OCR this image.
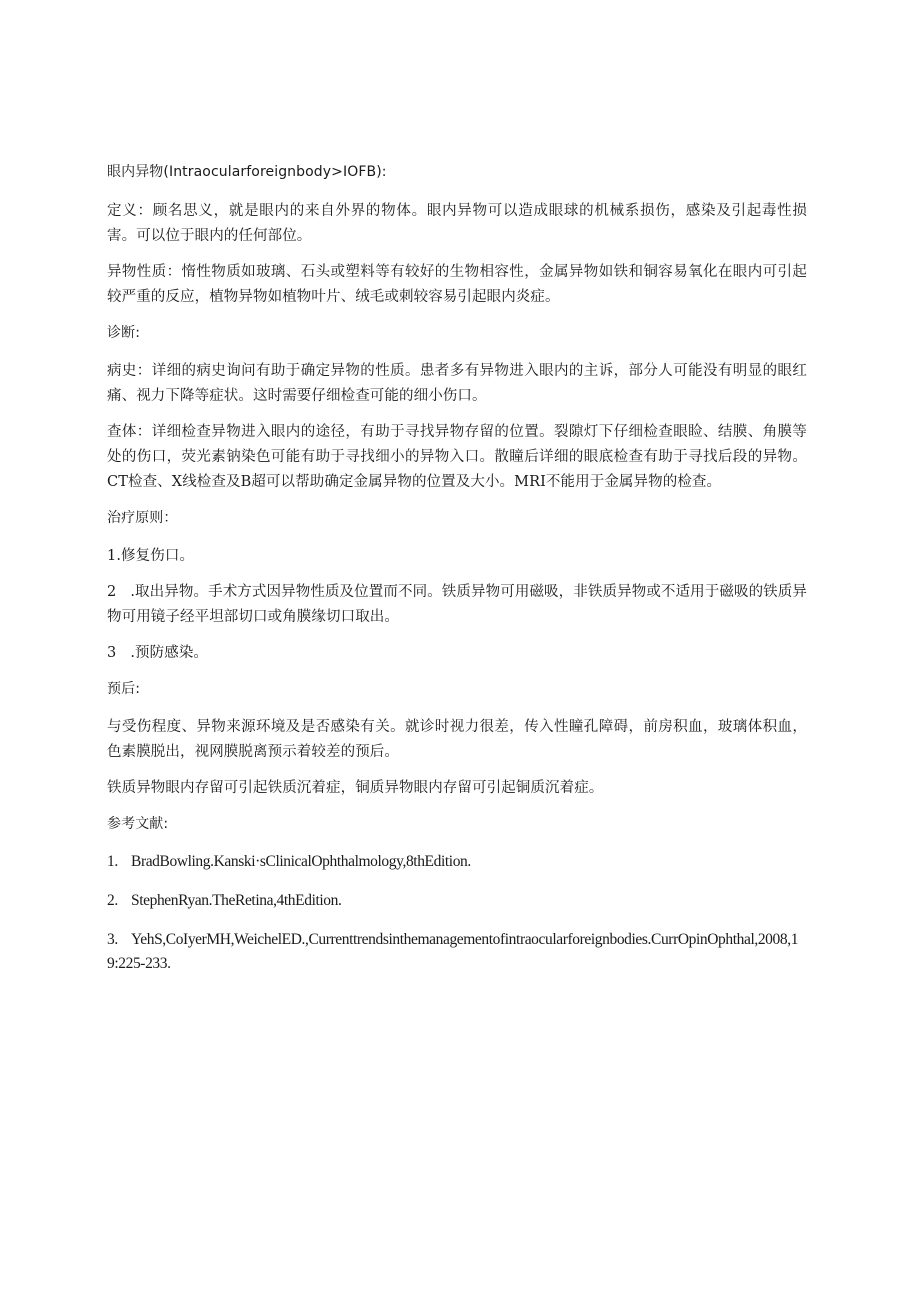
眼内异物(Intraocularforeignbody>IOFB):

定义：顾名思义，就是眼内的来自外界的物体。眼内异物可以造成眼球的机械系损伤，感染及引起毒性损害。可以位于眼内的任何部位。

异物性质：惰性物质如玻璃、石头或塑料等有较好的生物相容性，金属异物如铁和铜容易氧化在眼内可引起较严重的反应，植物异物如植物叶片、绒毛或刺较容易引起眼内炎症。

诊断:

病史：详细的病史询问有助于确定异物的性质。患者多有异物进入眼内的主诉，部分人可能没有明显的眼红痛、视力下降等症状。这时需要仔细检查可能的细小伤口。

查体：详细检查异物进入眼内的途径，有助于寻找异物存留的位置。裂隙灯下仔细检查眼睑、结膜、角膜等处的伤口，荧光素钠染色可能有助于寻找细小的异物入口。散瞳后详细的眼底检查有助于寻找后段的异物。CT检查、X线检查及B超可以帮助确定金属异物的位置及大小。MRI不能用于金属异物的检查。

治疗原则：

1.修复伤口。

2 .取出异物。手术方式因异物性质及位置而不同。铁质异物可用磁吸，非铁质异物或不适用于磁吸的铁质异物可用镜子经平坦部切口或角膜缘切口取出。

3 .预防感染。

预后:

与受伤程度、异物来源环境及是否感染有关。就诊时视力很差，传入性瞳孔障碍，前房积血，玻璃体积血，色素膜脱出，视网膜脱离预示着较差的预后。

铁质异物眼内存留可引起铁质沉着症，铜质异物眼内存留可引起铜质沉着症。

参考文献:

1. BradBowling.Kanski·sClinicalOphthalmology,8thEdition.

2. StephenRyan.TheRetina,4thEdition.

3. YehS,CoIyerMH,WeichelED.,Currenttrendsinthemanagementofintraocularforeignbodies.CurrOpinOphthal,2008,19:225-233.
